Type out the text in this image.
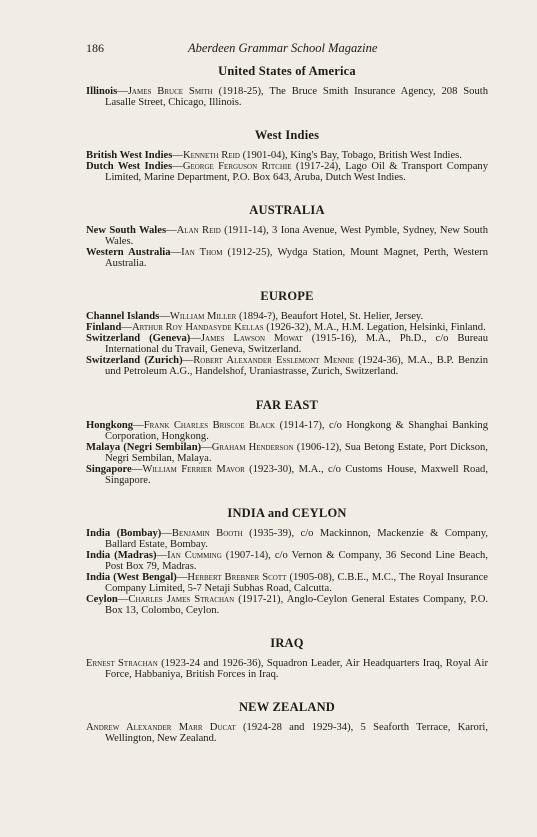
186	Aberdeen Grammar School Magazine
United States of America
Illinois—James Bruce Smith (1918-25), The Bruce Smith Insurance Agency, 208 South Lasalle Street, Chicago, Illinois.
West Indies
British West Indies—Kenneth Reid (1901-04), King's Bay, Tobago, British West Indies.
Dutch West Indies—George Ferguson Ritchie (1917-24), Lago Oil & Transport Company Limited, Marine Department, P.O. Box 643, Aruba, Dutch West Indies.
AUSTRALIA
New South Wales—Alan Reid (1911-14), 3 Iona Avenue, West Pymble, Sydney, New South Wales.
Western Australia—Ian Thom (1912-25), Wydga Station, Mount Magnet, Perth, Western Australia.
EUROPE
Channel Islands—William Miller (1894-?), Beaufort Hotel, St. Helier, Jersey.
Finland—Arthur Roy Handasyde Kellas (1926-32), M.A., H.M. Legation, Helsinki, Finland.
Switzerland (Geneva)—James Lawson Mowat (1915-16), M.A., Ph.D., c/o Bureau International du Travail, Geneva, Switzerland.
Switzerland (Zurich)—Robert Alexander Esslemont Mennie (1924-36), M.A., B.P. Benzin und Petroleum A.G., Handelshof, Uraniastrasse, Zurich, Switzerland.
FAR EAST
Hongkong—Frank Charles Briscoe Black (1914-17), c/o Hongkong & Shanghai Banking Corporation, Hongkong.
Malaya (Negri Sembilan)—Graham Henderson (1906-12), Sua Betong Estate, Port Dickson, Negri Sembilan, Malaya.
Singapore—William Ferrier Mavor (1923-30), M.A., c/o Customs House, Maxwell Road, Singapore.
INDIA and CEYLON
India (Bombay)—Benjamin Booth (1935-39), c/o Mackinnon, Mackenzie & Company, Ballard Estate, Bombay.
India (Madras)—Ian Cumming (1907-14), c/o Vernon & Company, 36 Second Line Beach, Post Box 79, Madras.
India (West Bengal)—Herbert Brebner Scott (1905-08), C.B.E., M.C., The Royal Insurance Company Limited, 5-7 Netaji Subhas Road, Calcutta.
Ceylon—Charles James Strachan (1917-21), Anglo-Ceylon General Estates Company, P.O. Box 13, Colombo, Ceylon.
IRAQ
Ernest Strachan (1923-24 and 1926-36), Squadron Leader, Air Headquarters Iraq, Royal Air Force, Habbaniya, British Forces in Iraq.
NEW ZEALAND
Andrew Alexander Marr Ducat (1924-28 and 1929-34), 5 Seaforth Terrace, Karori, Wellington, New Zealand.
